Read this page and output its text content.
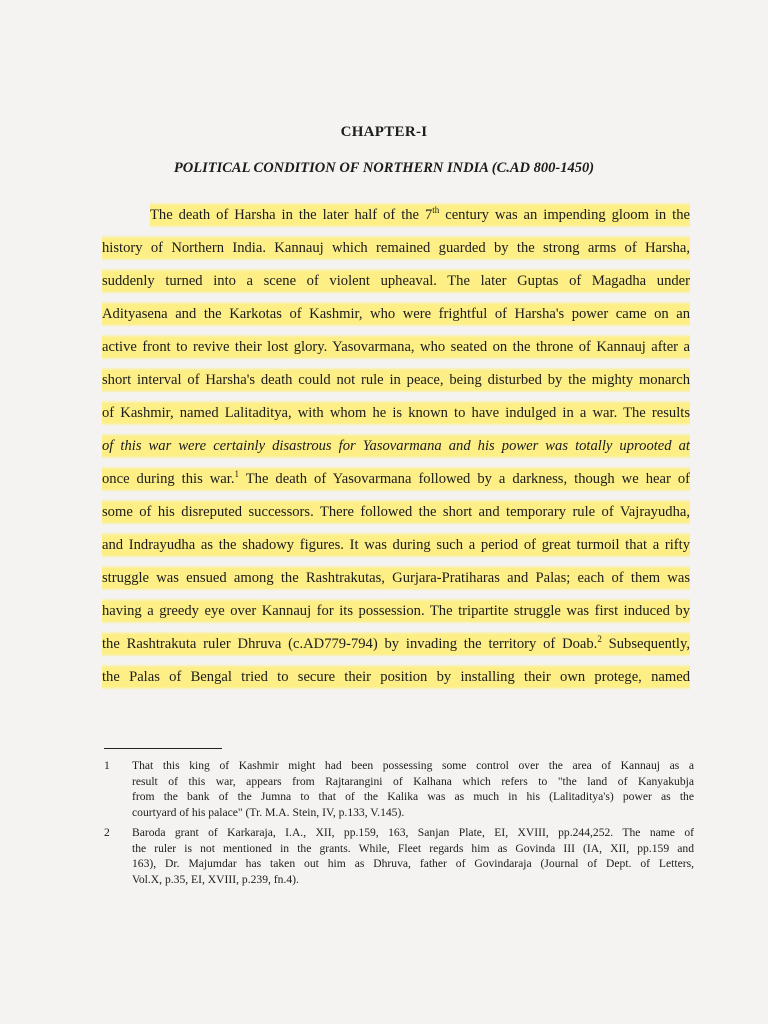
CHAPTER-I
POLITICAL CONDITION OF NORTHERN INDIA (C.AD 800-1450)
The death of Harsha in the later half of the 7th century was an impending gloom in the
history of Northern India. Kannauj which remained guarded by the strong arms of Harsha,
suddenly turned into a scene of violent upheaval. The later Guptas of Magadha under
Adityasena and the Karkotas of Kashmir, who were frightful of Harsha's power came on an
active front to revive their lost glory. Yasovarmana, who seated on the throne of Kannauj after a
short interval of Harsha's death could not rule in peace, being disturbed by the mighty monarch
of Kashmir, named Lalitaditya, with whom he is known to have indulged in a war. The results
of this war were certainly disastrous for Yasovarmana and his power was totally uprooted at
once during this war.$^1$ The death of Yasovarmana followed by a darkness, though we hear of
some of his disreputed successors. There followed the short and temporary rule of Vajrayudha,
and Indrayudha as the shadowy figures. It was during such a period of great turmoil that a rifty
struggle was ensued among the Rashtrakutas, Gurjara-Pratiharas and Palas; each of them was
having a greedy eye over Kannauj for its possession. The tripartite struggle was first induced by
the Rashtrakuta ruler Dhruva (c.AD779-794) by invading the territory of Doab.$^2$ Subsequently,
the Palas of Bengal tried to secure their position by installing their own protege, named
1 That this king of Kashmir might had been possessing some control over the area of Kannauj as a
result of this war, appears from Rajtarangini of Kalhana which refers to "the land of Kanyakubja
from the bank of the Jumna to that of the Kalika was as much in his (Lalitaditya's) power as the
courtyard of his palace" (Tr. M.A. Stein, IV, p.133, V.145).
2 Baroda grant of Karkaraja, I.A., XII, pp.159, 163, Sanjan Plate, EI, XVIII, pp.244,252. The name of
the ruler is not mentioned in the grants. While, Fleet regards him as Govinda III (IA, XII, pp.159 and
163), Dr. Majumdar has taken out him as Dhruva, father of Govindaraja (Journal of Dept. of Letters,
Vol.X, p.35, EI, XVIII, p.239, fn.4).
